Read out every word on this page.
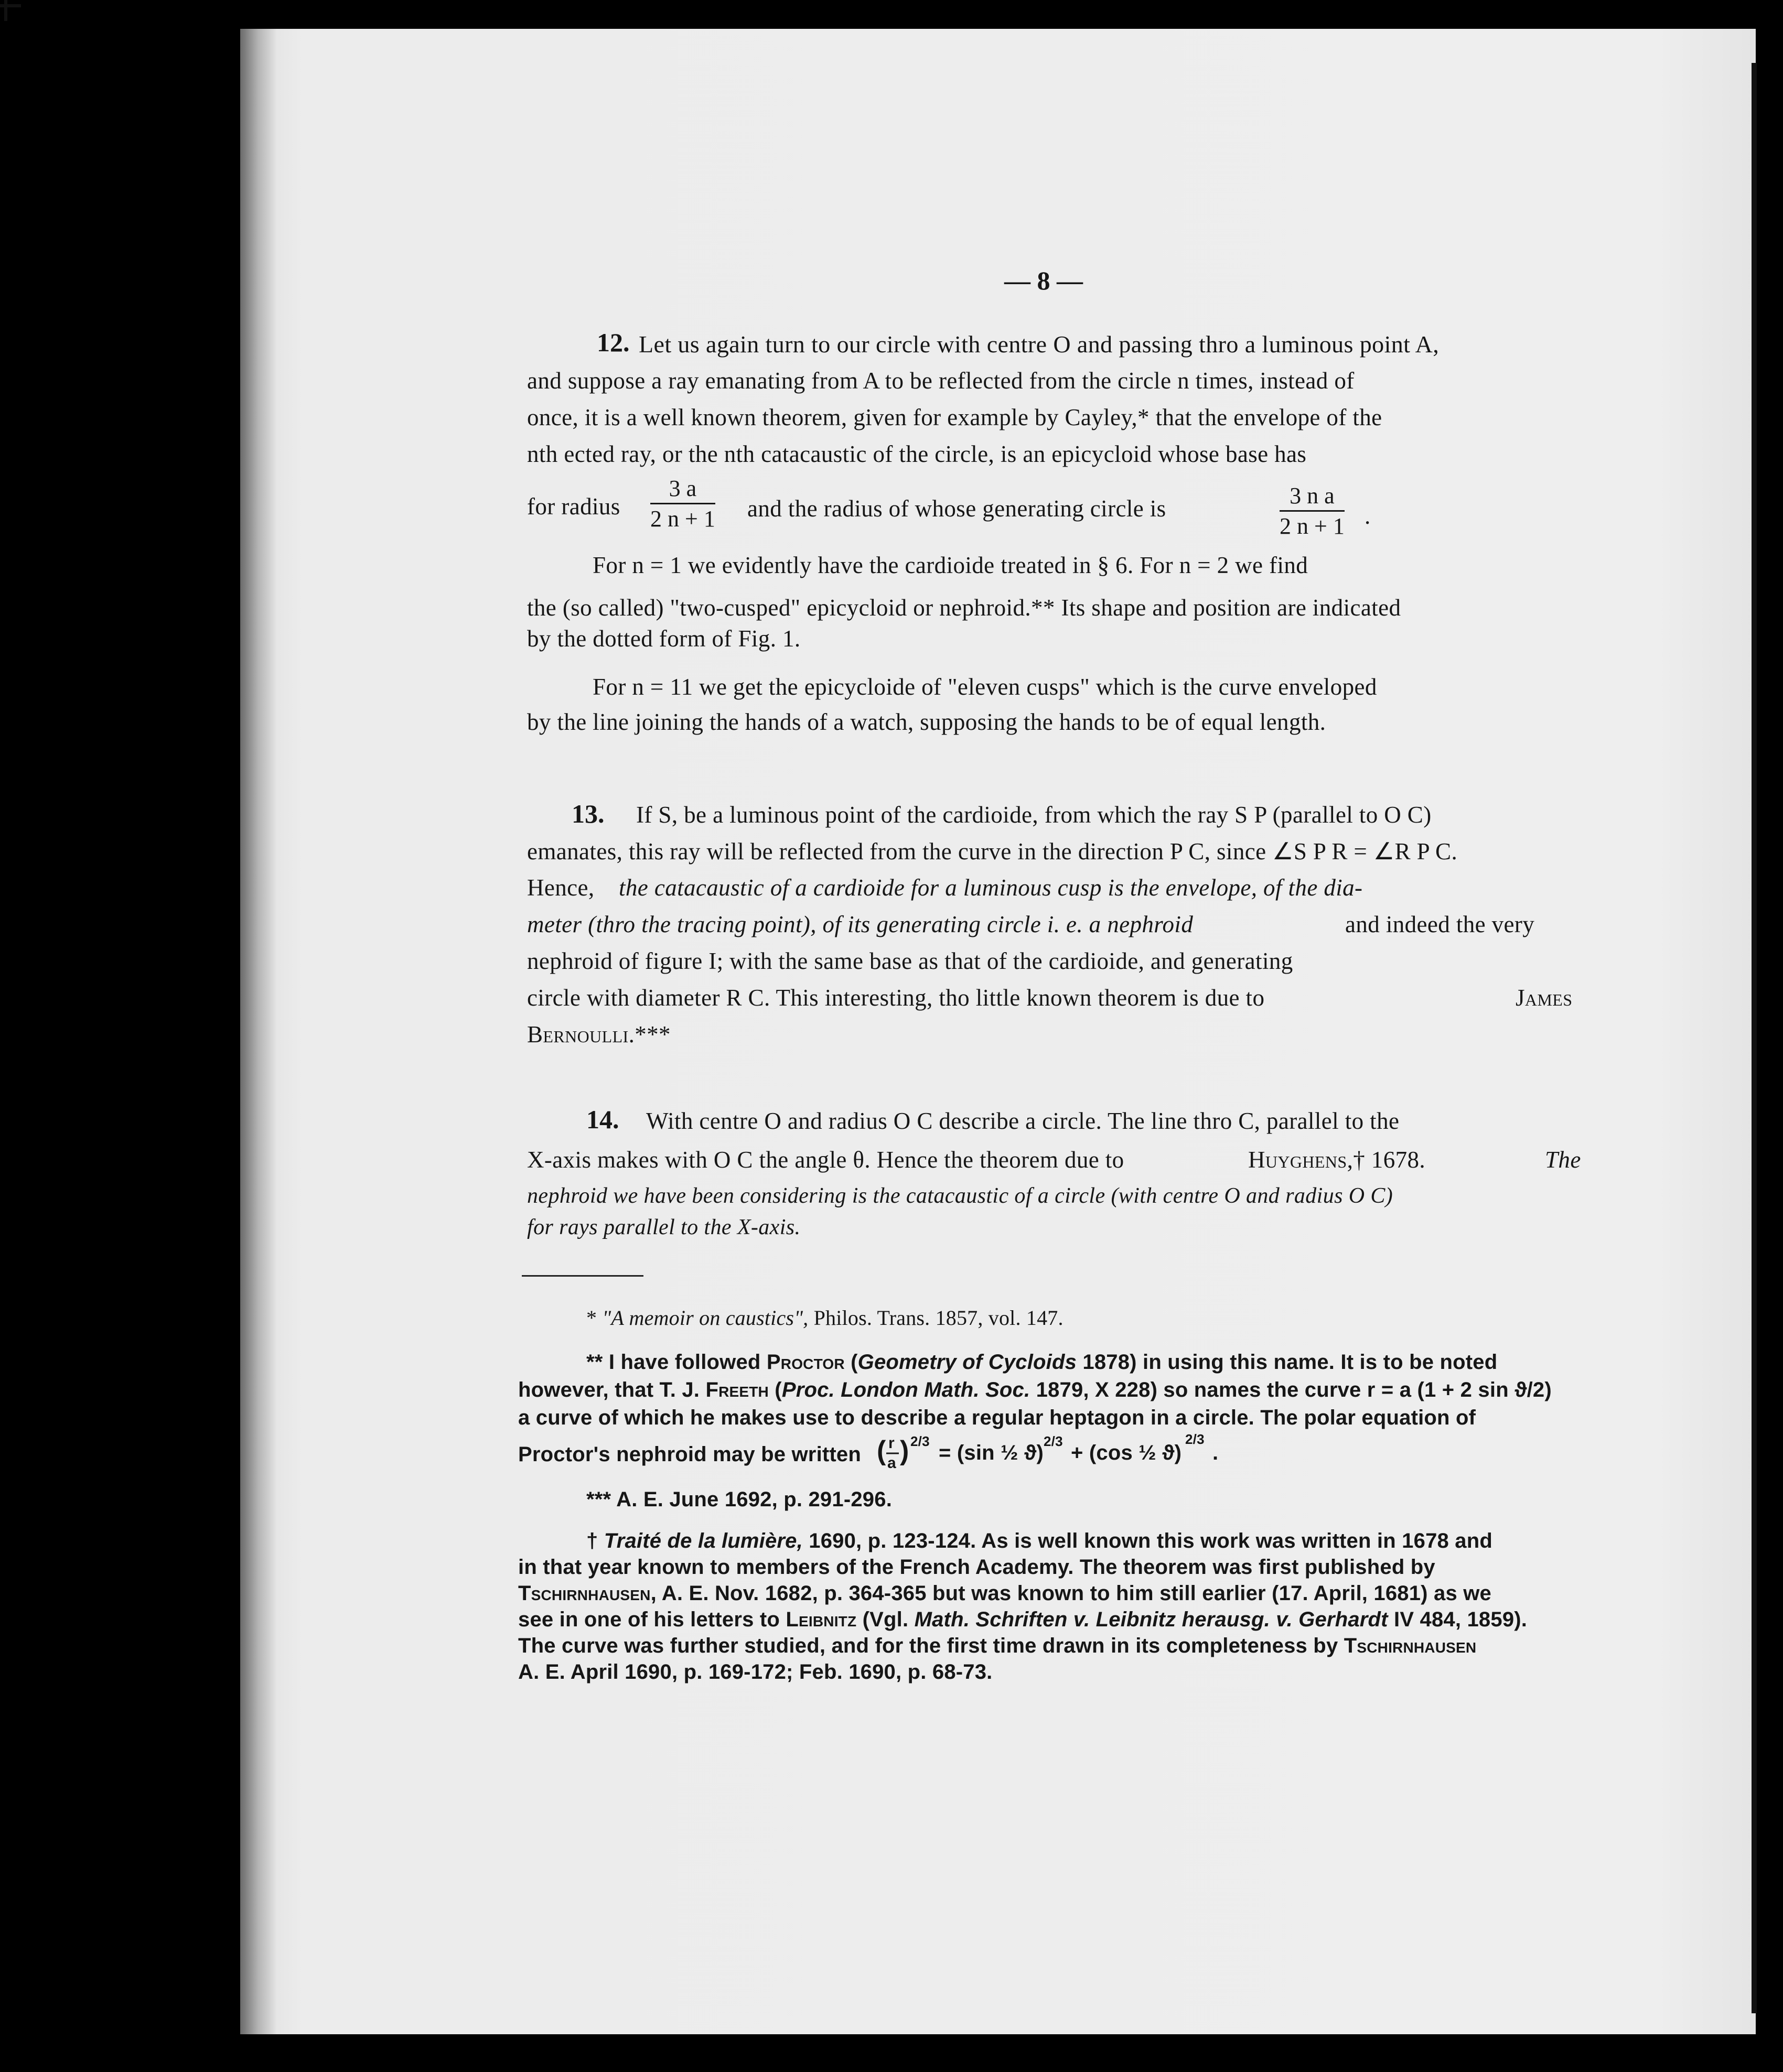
— 8 —
12. Let us again turn to our circle with centre O and passing thro a luminous point A,
and suppose a ray emanating from A to be reflected from the circle n times, instead of
once, it is a well known theorem, given for example by Cayley,* that the envelope of the
nth ected ray, or the nth catacaustic of the circle, is an epicycloid whose base has
for radius $\frac{3 a}{2 n + 1}$ and the radius of whose generating circle is	$\frac{\text{3 n a}}{2 n + 1}$ .
For n = 1 we evidently have the cardioide treated in § 6. For n = 2 we find
the (so called) "two-cusped" epicycloid or nephroid.** Its shape and position are indicated
by the dotted form of Fig. 1.
For n = 11 we get the epicycloide of "eleven cusps" which is the curve enveloped
by the line joining the hands of a watch, supposing the hands to be of equal length.
13. If S, be a luminous point of the cardioide, from which the ray S P (parallel to O C)
emanates, this ray will be reflected from the curve in the direction P C, since ∠S P R = ∠R P C.
Hence, the catacaustic of a cardioide for a luminous cusp is the envelope, of the dia-
meter (thro the tracing point), of its generating circle i. e. a nephroid	and indeed the very
nephroid of figure I; with the same base as that of the cardioide, and generating
circle with diameter R C. This interesting, tho little known theorem is due to	James
Bernoulli.***
14. With centre O and radius O C describe a circle. The line thro C, parallel to the
X-axis makes with O C the angle θ. Hence the theorem due to	Huyghens,† 1678.	The
nephroid we have been considering is the catacaustic of a circle (with centre O and radius O C)
for rays parallel to the X-axis.
* "A memoir on caustics", Philos. Trans. 1857, vol. 147.
** I have followed Proctor (Geometry of Cycloids 1878) in using this name. It is to be noted
however, that T. J. Freeth (Proc. London Math. Soc. 1879, X 228) so names the curve r = a (1 + 2 sin ϑ/2)
a curve of which he makes use to describe a regular heptagon in a circle. The polar equation of
Proctor's nephroid may be written ( r
a ) 2/3 = (sin ½ ϑ) 2/3 + (cos ½ ϑ)
2/3
.
*** A. E. June 1692, p. 291-296.
† Traité de la lumière, 1690, p. 123-124. As is well known this work was written in 1678 and
in that year known to members of the French Academy. The theorem was first published by
Tschirnhausen, A. E. Nov. 1682, p. 364-365 but was known to him still earlier (17. April, 1681) as we
see in one of his letters to Leibnitz (Vgl. Math. Schriften v. Leibnitz herausg. v. Gerhardt IV 484, 1859).
The curve was further studied, and for the first time drawn in its completeness by Tschirnhausen
A. E. April 1690, p. 169-172; Feb. 1690, p. 68-73.
